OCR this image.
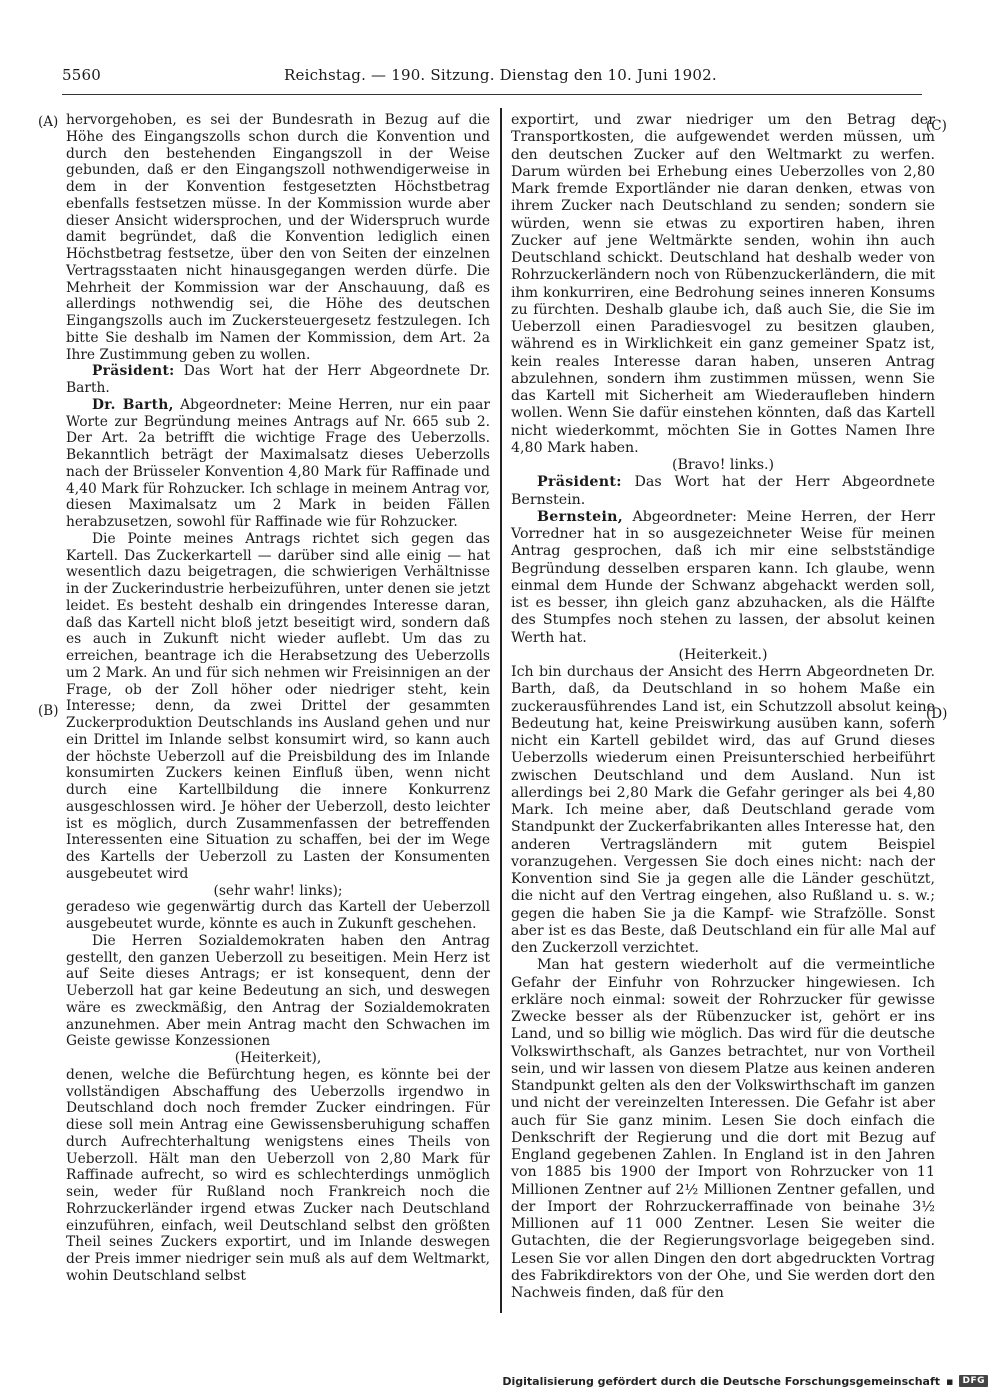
5560	Reichstag. — 190. Sitzung. Dienstag den 10. Juni 1902.
(A)
(B)
(C)
(D)

hervorgehoben, es sei der Bundesrath in Bezug auf die Höhe des Eingangszolls schon durch die Konvention und durch den bestehenden Eingangszoll in der Weise gebunden, daß er den Eingangszoll nothwendigerweise in dem in der Konvention festgesetzten Höchstbetrag ebenfalls festsetzen müsse. In der Kommission wurde aber dieser Ansicht widersprochen, und der Widerspruch wurde damit begründet, daß die Konvention lediglich einen Höchstbetrag festsetze, über den von Seiten der einzelnen Vertragsstaaten nicht hinausgegangen werden dürfe. Die Mehrheit der Kommission war der Anschauung, daß es allerdings nothwendig sei, die Höhe des deutschen Eingangszolls auch im Zuckersteuergesetz festzulegen. Ich bitte Sie deshalb im Namen der Kommission, dem Art. 2a Ihre Zustimmung geben zu wollen.

Präsident: Das Wort hat der Herr Abgeordnete Dr. Barth.

Dr. Barth, Abgeordneter: Meine Herren, nur ein paar Worte zur Begründung meines Antrags auf Nr. 665 sub 2. Der Art. 2a betrifft die wichtige Frage des Ueberzolls. Bekanntlich beträgt der Maximalsatz dieses Ueberzolls nach der Brüsseler Konvention 4,80 Mark für Raffinade und 4,40 Mark für Rohzucker. Ich schlage in meinem Antrag vor, diesen Maximalsatz um 2 Mark in beiden Fällen herabzusetzen, sowohl für Raffinade wie für Rohzucker.

Die Pointe meines Antrags richtet sich gegen das Kartell. Das Zuckerkartell — darüber sind alle einig — hat wesentlich dazu beigetragen, die schwierigen Verhältnisse in der Zuckerindustrie herbeizuführen, unter denen sie jetzt leidet. Es besteht deshalb ein dringendes Interesse daran, daß das Kartell nicht bloß jetzt beseitigt wird, sondern daß es auch in Zukunft nicht wieder auflebt. Um das zu erreichen, beantrage ich die Herabsetzung des Ueberzolls um 2 Mark. An und für sich nehmen wir Freisinnigen an der Frage, ob der Zoll höher oder niedriger steht, kein Interesse; denn, da zwei Drittel der gesammten Zuckerproduktion Deutschlands ins Ausland gehen und nur ein Drittel im Inlande selbst konsumirt wird, so kann auch der höchste Ueberzoll auf die Preisbildung des im Inlande konsumirten Zuckers keinen Einfluß üben, wenn nicht durch eine Kartellbildung die innere Konkurrenz ausgeschlossen wird. Je höher der Ueberzoll, desto leichter ist es möglich, durch Zusammenfassen der betreffenden Interessenten eine Situation zu schaffen, bei der im Wege des Kartells der Ueberzoll zu Lasten der Konsumenten ausgebeutet wird

(sehr wahr! links);

geradeso wie gegenwärtig durch das Kartell der Ueberzoll ausgebeutet wurde, könnte es auch in Zukunft geschehen.

Die Herren Sozialdemokraten haben den Antrag gestellt, den ganzen Ueberzoll zu beseitigen. Mein Herz ist auf Seite dieses Antrags; er ist konsequent, denn der Ueberzoll hat gar keine Bedeutung an sich, und deswegen wäre es zweckmäßig, den Antrag der Sozialdemokraten anzunehmen. Aber mein Antrag macht den Schwachen im Geiste gewisse Konzessionen

(Heiterkeit),

denen, welche die Befürchtung hegen, es könnte bei der vollständigen Abschaffung des Ueberzolls irgendwo in Deutschland doch noch fremder Zucker eindringen. Für diese soll mein Antrag eine Gewissensberuhigung schaffen durch Aufrechterhaltung wenigstens eines Theils von Ueberzoll. Hält man den Ueberzoll von 2,80 Mark für Raffinade aufrecht, so wird es schlechterdings unmöglich sein, weder für Rußland noch Frankreich noch die Rohrzuckerländer irgend etwas Zucker nach Deutschland einzuführen, einfach, weil Deutschland selbst den größten Theil seines Zuckers exportirt, und im Inlande deswegen der Preis immer niedriger sein muß als auf dem Weltmarkt, wohin Deutschland selbst

exportirt, und zwar niedriger um den Betrag der Transportkosten, die aufgewendet werden müssen, um den deutschen Zucker auf den Weltmarkt zu werfen. Darum würden bei Erhebung eines Ueberzolles von 2,80 Mark fremde Exportländer nie daran denken, etwas von ihrem Zucker nach Deutschland zu senden; sondern sie würden, wenn sie etwas zu exportiren haben, ihren Zucker auf jene Weltmärkte senden, wohin ihn auch Deutschland schickt. Deutschland hat deshalb weder von Rohrzuckerländern noch von Rübenzuckerländern, die mit ihm konkurriren, eine Bedrohung seines inneren Konsums zu fürchten. Deshalb glaube ich, daß auch Sie, die Sie im Ueberzoll einen Paradiesvogel zu besitzen glauben, während es in Wirklichkeit ein ganz gemeiner Spatz ist, kein reales Interesse daran haben, unseren Antrag abzulehnen, sondern ihm zustimmen müssen, wenn Sie das Kartell mit Sicherheit am Wiederaufleben hindern wollen. Wenn Sie dafür einstehen könnten, daß das Kartell nicht wiederkommt, möchten Sie in Gottes Namen Ihre 4,80 Mark haben.

(Bravo! links.)

Präsident: Das Wort hat der Herr Abgeordnete Bernstein.

Bernstein, Abgeordneter: Meine Herren, der Herr Vorredner hat in so ausgezeichneter Weise für meinen Antrag gesprochen, daß ich mir eine selbstständige Begründung desselben ersparen kann. Ich glaube, wenn einmal dem Hunde der Schwanz abgehackt werden soll, ist es besser, ihn gleich ganz abzuhacken, als die Hälfte des Stumpfes noch stehen zu lassen, der absolut keinen Werth hat.

(Heiterkeit.)

Ich bin durchaus der Ansicht des Herrn Abgeordneten Dr. Barth, daß, da Deutschland in so hohem Maße ein zuckerausführendes Land ist, ein Schutzzoll absolut keine Bedeutung hat, keine Preiswirkung ausüben kann, sofern nicht ein Kartell gebildet wird, das auf Grund dieses Ueberzolls wiederum einen Preisunterschied herbeiführt zwischen Deutschland und dem Ausland. Nun ist allerdings bei 2,80 Mark die Gefahr geringer als bei 4,80 Mark. Ich meine aber, daß Deutschland gerade vom Standpunkt der Zuckerfabrikanten alles Interesse hat, den anderen Vertragsländern mit gutem Beispiel voranzugehen. Vergessen Sie doch eines nicht: nach der Konvention sind Sie ja gegen alle die Länder geschützt, die nicht auf den Vertrag eingehen, also Rußland u. s. w.; gegen die haben Sie ja die Kampf- wie Strafzölle. Sonst aber ist es das Beste, daß Deutschland ein für alle Mal auf den Zuckerzoll verzichtet.

Man hat gestern wiederholt auf die vermeintliche Gefahr der Einfuhr von Rohrzucker hingewiesen. Ich erkläre noch einmal: soweit der Rohrzucker für gewisse Zwecke besser als der Rübenzucker ist, gehört er ins Land, und so billig wie möglich. Das wird für die deutsche Volkswirthschaft, als Ganzes betrachtet, nur von Vortheil sein, und wir lassen von diesem Platze aus keinen anderen Standpunkt gelten als den der Volkswirthschaft im ganzen und nicht der vereinzelten Interessen. Die Gefahr ist aber auch für Sie ganz minim. Lesen Sie doch einfach die Denkschrift der Regierung und die dort mit Bezug auf England gegebenen Zahlen. In England ist in den Jahren von 1885 bis 1900 der Import von Rohrzucker von 11 Millionen Zentner auf 2½ Millionen Zentner gefallen, und der Import der Rohrzuckerraffinade von beinahe 3½ Millionen auf 11 000 Zentner. Lesen Sie weiter die Gutachten, die der Regierungsvorlage beigegeben sind. Lesen Sie vor allen Dingen den dort abgedruckten Vortrag des Fabrikdirektors von der Ohe, und Sie werden dort den Nachweis finden, daß für den

Digitalisierung gefördert durch die Deutsche Forschungsgemeinschaft ▪	DFG
